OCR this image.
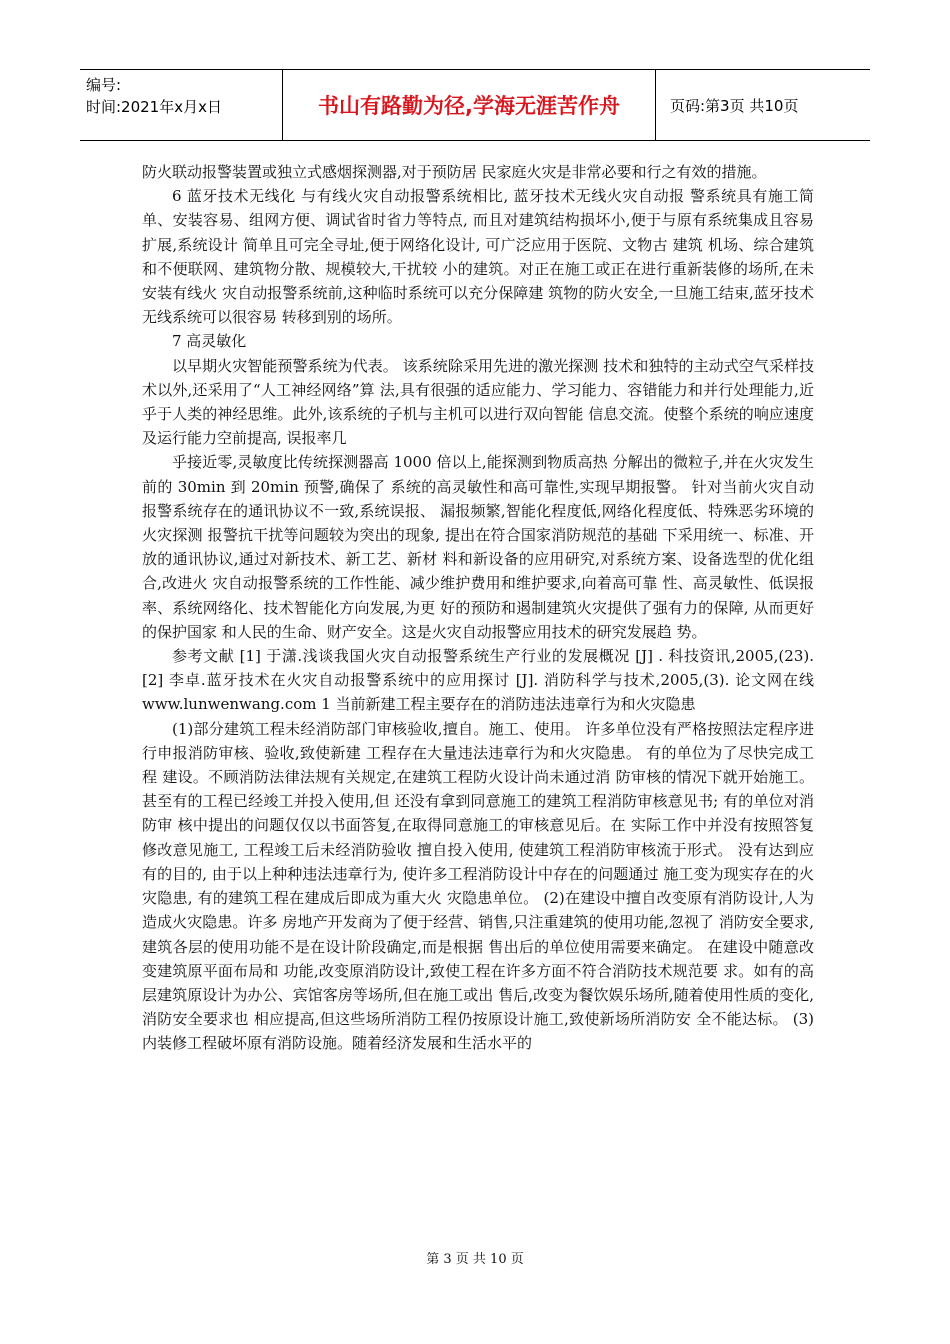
编号:
时间:2021年x月x日	书山有路勤为径,学海无涯苦作舟	页码:第3页 共10页

防火联动报警装置或独立式感烟探测器,对于预防居 民家庭火灾是非常必要和行之有效的措施。

6 蓝牙技术无线化 与有线火灾自动报警系统相比, 蓝牙技术无线火灾自动报 警系统具有施工简单、安装容易、组网方便、调试省时省力等特点, 而且对建筑结构损坏小,便于与原有系统集成且容易扩展,系统设计 简单且可完全寻址,便于网络化设计, 可广泛应用于医院、文物古 建筑 机场、综合建筑和不便联网、建筑物分散、规模较大,干扰较 小的建筑。对正在施工或正在进行重新装修的场所,在未安装有线火 灾自动报警系统前,这种临时系统可以充分保障建 筑物的防火安全,一旦施工结束,蓝牙技术无线系统可以很容易 转移到别的场所。

7 高灵敏化

以早期火灾智能预警系统为代表。 该系统除采用先进的激光探测 技术和独特的主动式空气采样技术以外,还采用了“人工神经网络”算 法,具有很强的适应能力、学习能力、容错能力和并行处理能力,近 乎于人类的神经思维。此外,该系统的子机与主机可以进行双向智能 信息交流。使整个系统的响应速度及运行能力空前提高, 误报率几

乎接近零,灵敏度比传统探测器高 1000 倍以上,能探测到物质高热 分解出的微粒子,并在火灾发生前的 30min 到 20min 预警,确保了 系统的高灵敏性和高可靠性,实现早期报警。 针对当前火灾自动报警系统存在的通讯协议不一致,系统误报、 漏报频繁,智能化程度低,网络化程度低、特殊恶劣环境的火灾探测 报警抗干扰等问题较为突出的现象, 提出在符合国家消防规范的基础 下采用统一、标准、开放的通讯协议,通过对新技术、新工艺、新材 料和新设备的应用研究,对系统方案、设备选型的优化组合,改进火 灾自动报警系统的工作性能、减少维护费用和维护要求,向着高可靠 性、高灵敏性、低误报率、系统网络化、技术智能化方向发展,为更 好的预防和遏制建筑火灾提供了强有力的保障, 从而更好的保护国家 和人民的生命、财产安全。这是火灾自动报警应用技术的研究发展趋 势。

参考文献 [1] 于潇.浅谈我国火灾自动报警系统生产行业的发展概况 [J] . 科技资讯,2005,(23). [2] 李卓.蓝牙技术在火灾自动报警系统中的应用探讨 [J]. 消防科学与技术,2005,(3). 论文网在线 www.lunwenwang.com 1 当前新建工程主要存在的消防违法违章行为和火灾隐患

(1)部分建筑工程未经消防部门审核验收,擅自。施工、使用。 许多单位没有严格按照法定程序进行申报消防审核、验收,致使新建 工程存在大量违法违章行为和火灾隐患。 有的单位为了尽快完成工程 建设。不顾消防法律法规有关规定,在建筑工程防火设计尚未通过消 防审核的情况下就开始施工。甚至有的工程已经竣工并投入使用,但 还没有拿到同意施工的建筑工程消防审核意见书; 有的单位对消防审 核中提出的问题仅仅以书面答复,在取得同意施工的审核意见后。在 实际工作中并没有按照答复修改意见施工, 工程竣工后未经消防验收 擅自投入使用, 使建筑工程消防审核流于形式。 没有达到应有的目的, 由于以上种种违法违章行为, 使许多工程消防设计中存在的问题通过 施工变为现实存在的火灾隐患, 有的建筑工程在建成后即成为重大火 灾隐患单位。 (2)在建设中擅自改变原有消防设计,人为造成火灾隐患。许多 房地产开发商为了便于经营、销售,只注重建筑的使用功能,忽视了 消防安全要求,建筑各层的使用功能不是在设计阶段确定,而是根据 售出后的单位使用需要来确定。 在建设中随意改变建筑原平面布局和 功能,改变原消防设计,致使工程在许多方面不符合消防技术规范要 求。如有的高层建筑原设计为办公、宾馆客房等场所,但在施工或出 售后,改变为餐饮娱乐场所,随着使用性质的变化,消防安全要求也 相应提高,但这些场所消防工程仍按原设计施工,致使新场所消防安 全不能达标。 (3)内装修工程破坏原有消防设施。随着经济发展和生活水平的

第 3 页 共 10 页
